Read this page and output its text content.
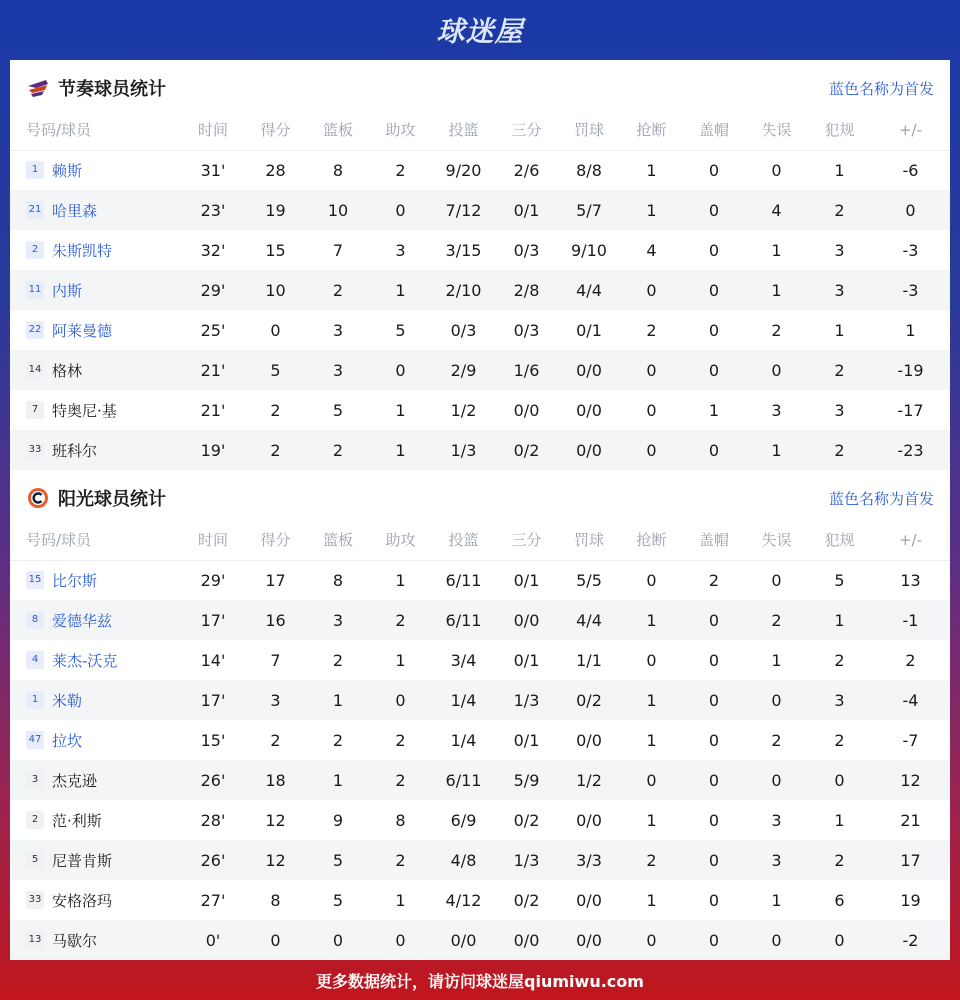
球迷屋
节奏球员统计	蓝色名称为首发
号码/球员	时间	得分	篮板	助攻	投篮	三分	罚球	抢断	盖帽	失误	犯规	+/-
1 赖斯	31'	28	8	2	9/20	2/6	8/8	1	0	0	1	-6
21 哈里森	23'	19	10	0	7/12	0/1	5/7	1	0	4	2	0
2 朱斯凯特	32'	15	7	3	3/15	0/3	9/10	4	0	1	3	-3
11 内斯	29'	10	2	1	2/10	2/8	4/4	0	0	1	3	-3
22 阿莱曼德	25'	0	3	5	0/3	0/3	0/1	2	0	2	1	1
14 格林	21'	5	3	0	2/9	1/6	0/0	0	0	0	2	-19
7 特奥尼·基	21'	2	5	1	1/2	0/0	0/0	0	1	3	3	-17
33 班科尔	19'	2	2	1	1/3	0/2	0/0	0	0	1	2	-23
阳光球员统计	蓝色名称为首发
号码/球员	时间	得分	篮板	助攻	投篮	三分	罚球	抢断	盖帽	失误	犯规	+/-
15 比尔斯	29'	17	8	1	6/11	0/1	5/5	0	2	0	5	13
8 爱德华兹	17'	16	3	2	6/11	0/0	4/4	1	0	2	1	-1
4 莱杰-沃克	14'	7	2	1	3/4	0/1	1/1	0	0	1	2	2
1 米勒	17'	3	1	0	1/4	1/3	0/2	1	0	0	3	-4
47 拉坎	15'	2	2	2	1/4	0/1	0/0	1	0	2	2	-7
3 杰克逊	26'	18	1	2	6/11	5/9	1/2	0	0	0	0	12
2 范·利斯	28'	12	9	8	6/9	0/2	0/0	1	0	3	1	21
5 尼普肯斯	26'	12	5	2	4/8	1/3	3/3	2	0	3	2	17
33 安格洛玛	27'	8	5	1	4/12	0/2	0/0	1	0	1	6	19
13 马歇尔	0'	0	0	0	0/0	0/0	0/0	0	0	0	0	-2
更多数据统计，请访问球迷屋qiumiwu.com
